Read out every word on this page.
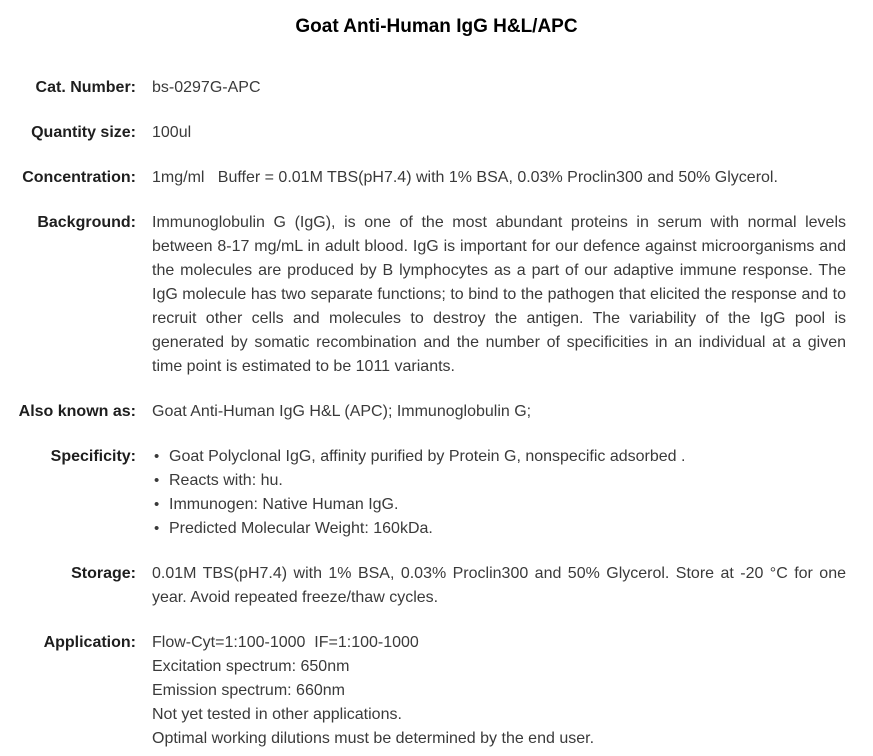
Goat Anti-Human IgG H&L/APC
Cat. Number: bs-0297G-APC
Quantity size: 100ul
Concentration: 1mg/ml   Buffer = 0.01M TBS(pH7.4) with 1% BSA, 0.03% Proclin300 and 50% Glycerol.
Background: Immunoglobulin G (IgG), is one of the most abundant proteins in serum with normal levels between 8-17 mg/mL in adult blood. IgG is important for our defence against microorganisms and the molecules are produced by B lymphocytes as a part of our adaptive immune response. The IgG molecule has two separate functions; to bind to the pathogen that elicited the response and to recruit other cells and molecules to destroy the antigen. The variability of the IgG pool is generated by somatic recombination and the number of specificities in an individual at a given time point is estimated to be 1011 variants.
Also known as: Goat Anti-Human IgG H&L (APC); Immunoglobulin G;
Specificity: • Goat Polyclonal IgG, affinity purified by Protein G, nonspecific adsorbed .
• Reacts with: hu.
• Immunogen: Native Human IgG.
• Predicted Molecular Weight: 160kDa.
Storage: 0.01M TBS(pH7.4) with 1% BSA, 0.03% Proclin300 and 50% Glycerol. Store at -20 °C for one year. Avoid repeated freeze/thaw cycles.
Application: Flow-Cyt=1:100-1000  IF=1:100-1000
Excitation spectrum: 650nm
Emission spectrum: 660nm
Not yet tested in other applications.
Optimal working dilutions must be determined by the end user.
